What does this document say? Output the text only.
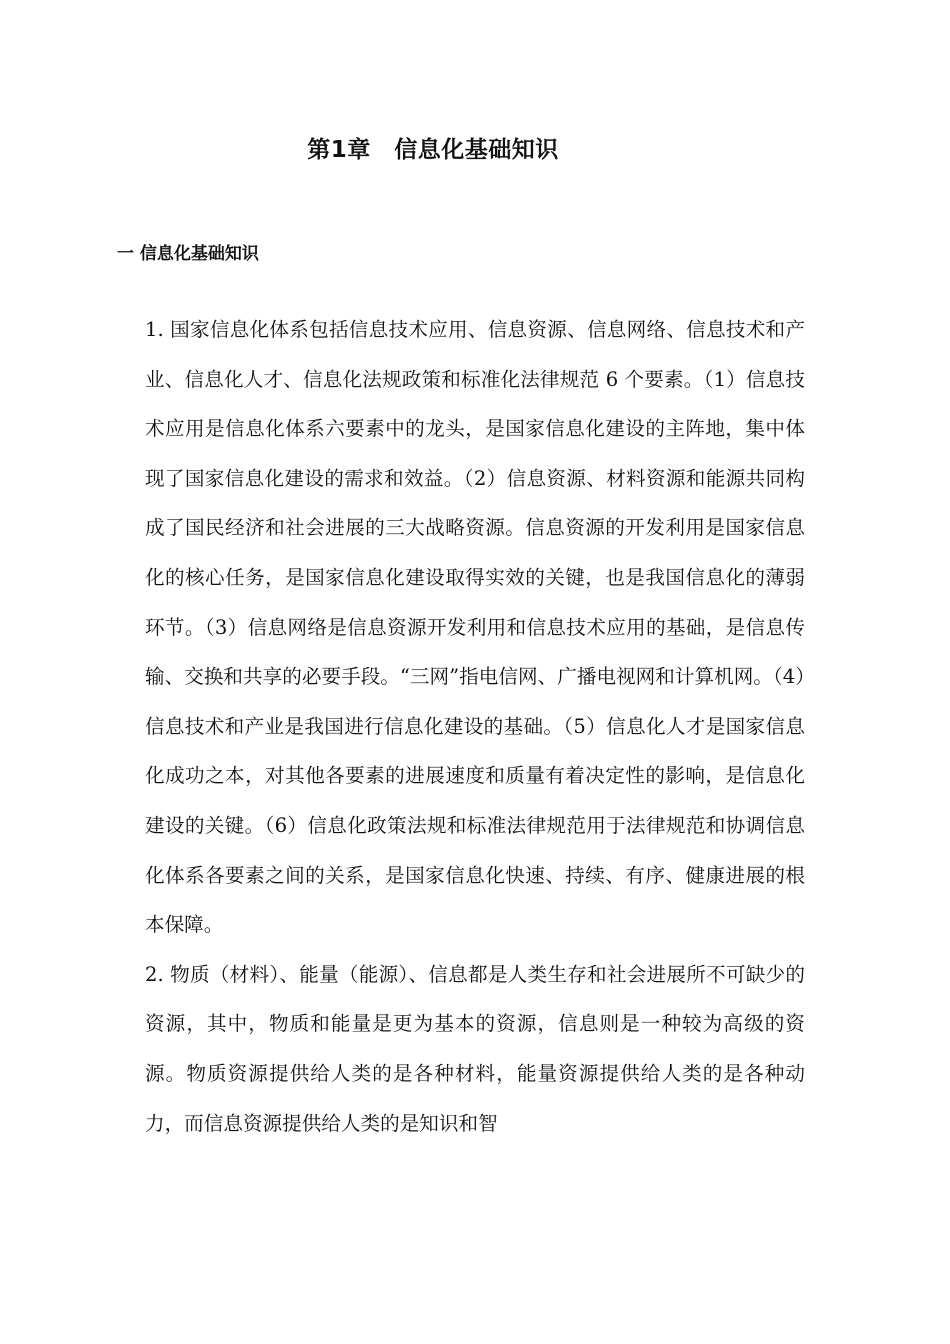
第1章　信息化基础知识
一 信息化基础知识

1. 国家信息化体系包括信息技术应用、信息资源、信息网络、信息技术和产业、信息化人才、信息化法规政策和标准化法律规范 6 个要素。（1）信息技术应用是信息化体系六要素中的龙头，是国家信息化建设的主阵地，集中体现了国家信息化建设的需求和效益。（2）信息资源、材料资源和能源共同构成了国民经济和社会进展的三大战略资源。信息资源的开发利用是国家信息化的核心任务，是国家信息化建设取得实效的关键，也是我国信息化的薄弱环节。（3）信息网络是信息资源开发利用和信息技术应用的基础，是信息传输、交换和共享的必要手段。“三网”指电信网、广播电视网和计算机网。（4）信息技术和产业是我国进行信息化建设的基础。（5）信息化人才是国家信息化成功之本，对其他各要素的进展速度和质量有着决定性的影响，是信息化建设的关键。（6）信息化政策法规和标准法律规范用于法律规范和协调信息化体系各要素之间的关系，是国家信息化快速、持续、有序、健康进展的根本保障。

2. 物质（材料）、能量（能源）、信息都是人类生存和社会进展所不可缺少的资源，其中，物质和能量是更为基本的资源，信息则是一种较为高级的资源。物质资源提供给人类的是各种材料，能量资源提供给人类的是各种动力，而信息资源提供给人类的是知识和智
